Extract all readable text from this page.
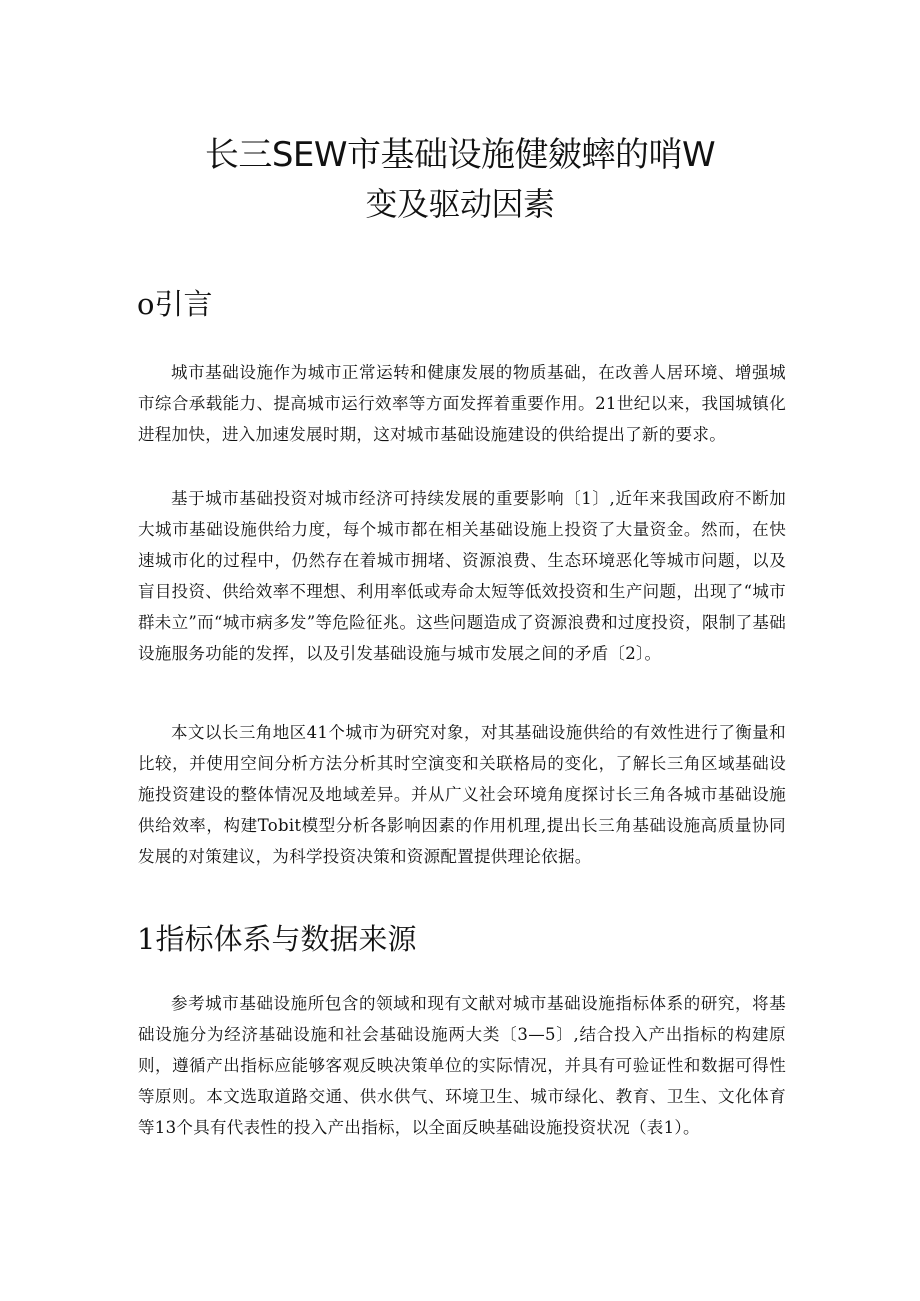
长三SEW市基础设施健皴蟀的哨W
变及驱动因素
o引言

城市基础设施作为城市正常运转和健康发展的物质基础，在改善人居环境、增强城市综合承载能力、提高城市运行效率等方面发挥着重要作用。21世纪以来，我国城镇化进程加快，进入加速发展时期，这对城市基础设施建设的供给提出了新的要求。

基于城市基础投资对城市经济可持续发展的重要影响〔1〕,近年来我国政府不断加大城市基础设施供给力度，每个城市都在相关基础设施上投资了大量资金。然而，在快速城市化的过程中，仍然存在着城市拥堵、资源浪费、生态环境恶化等城市问题，以及盲目投资、供给效率不理想、利用率低或寿命太短等低效投资和生产问题，出现了“城市群未立”而“城市病多发”等危险征兆。这些问题造成了资源浪费和过度投资，限制了基础设施服务功能的发挥，以及引发基础设施与城市发展之间的矛盾〔2〕。

本文以长三角地区41个城市为研究对象，对其基础设施供给的有效性进行了衡量和比较，并使用空间分析方法分析其时空演变和关联格局的变化，了解长三角区域基础设施投资建设的整体情况及地域差异。并从广义社会环境角度探讨长三角各城市基础设施供给效率，构建Tobit模型分析各影响因素的作用机理,提出长三角基础设施高质量协同发展的对策建议，为科学投资决策和资源配置提供理论依据。

1指标体系与数据来源

参考城市基础设施所包含的领域和现有文献对城市基础设施指标体系的研究，将基础设施分为经济基础设施和社会基础设施两大类〔3—5〕,结合投入产出指标的构建原则，遵循产出指标应能够客观反映决策单位的实际情况，并具有可验证性和数据可得性等原则。本文选取道路交通、供水供气、环境卫生、城市绿化、教育、卫生、文化体育等13个具有代表性的投入产出指标，以全面反映基础设施投资状况（表1）。
